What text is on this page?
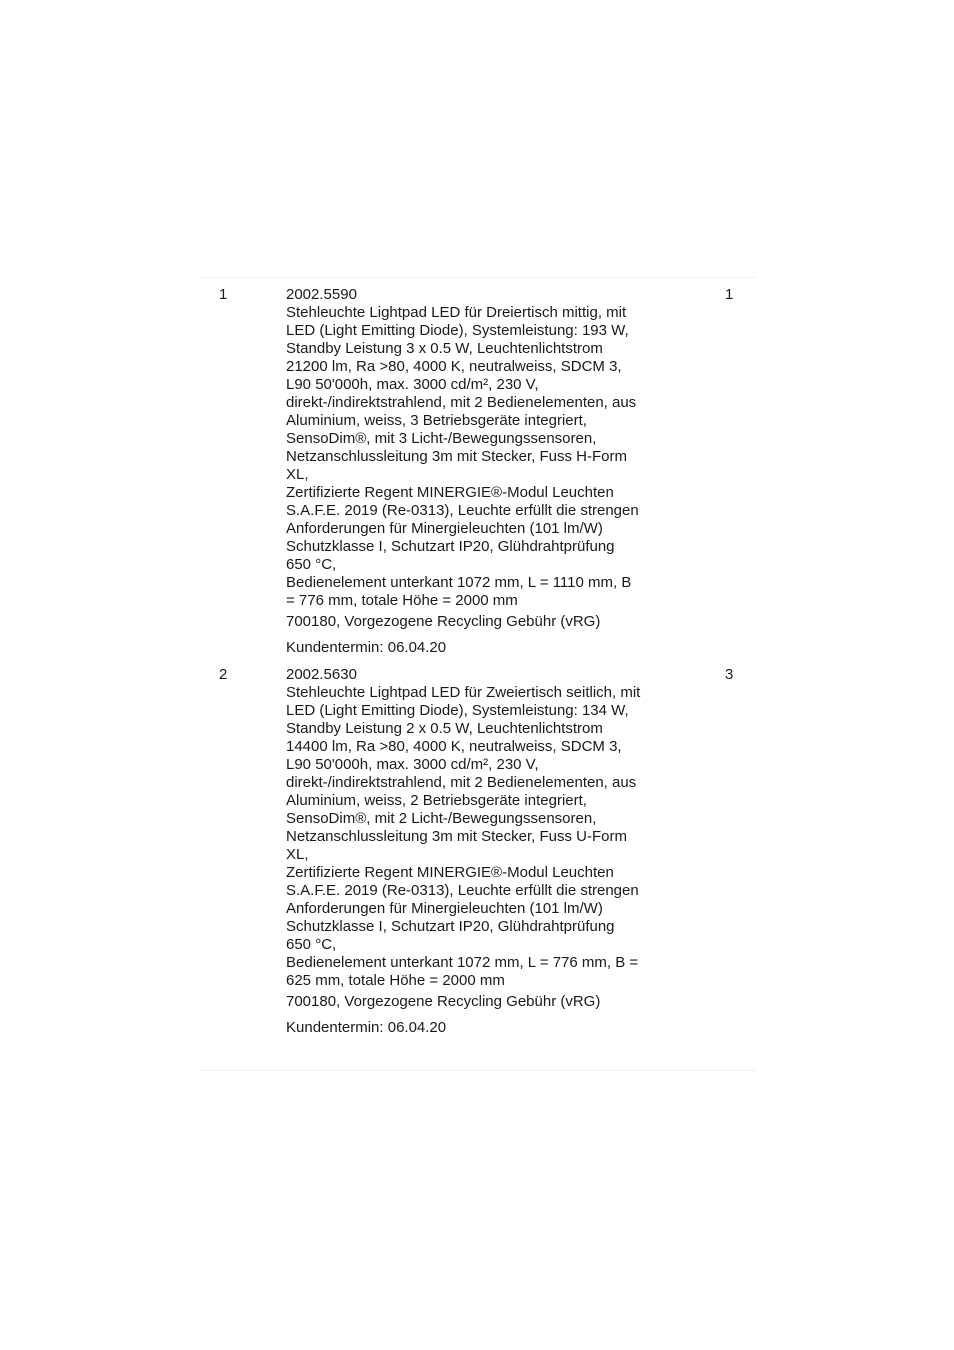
1	2002.5590
Stehleuchte Lightpad LED für Dreiertisch mittig, mit
LED (Light Emitting Diode), Systemleistung: 193 W,
Standby Leistung 3 x 0.5 W, Leuchtenlichtstrom
21200 lm, Ra >80, 4000 K, neutralweiss, SDCM 3,
L90 50'000h, max. 3000 cd/m², 230 V,
direkt-/indirektstrahlend, mit 2 Bedienelementen, aus
Aluminium, weiss, 3 Betriebsgeräte integriert,
SensoDim®, mit 3 Licht-/Bewegungssensoren,
Netzanschlussleitung 3m mit Stecker, Fuss H-Form
XL,
Zertifizierte Regent MINERGIE®-Modul Leuchten
S.A.F.E. 2019 (Re-0313), Leuchte erfüllt die strengen
Anforderungen für Minergieleuchten (101 lm/W)
Schutzklasse I, Schutzart IP20, Glühdrahtprüfung
650 °C,
Bedienelement unterkant 1072 mm, L = 1110 mm, B
= 776 mm, totale Höhe = 2000 mm
700180, Vorgezogene Recycling Gebühr (vRG)
Kundentermin: 06.04.20
1
2	2002.5630
Stehleuchte Lightpad LED für Zweiertisch seitlich, mit
LED (Light Emitting Diode), Systemleistung: 134 W,
Standby Leistung 2 x 0.5 W, Leuchtenlichtstrom
14400 lm, Ra >80, 4000 K, neutralweiss, SDCM 3,
L90 50'000h, max. 3000 cd/m², 230 V,
direkt-/indirektstrahlend, mit 2 Bedienelementen, aus
Aluminium, weiss, 2 Betriebsgeräte integriert,
SensoDim®, mit 2 Licht-/Bewegungssensoren,
Netzanschlussleitung 3m mit Stecker, Fuss U-Form
XL,
Zertifizierte Regent MINERGIE®-Modul Leuchten
S.A.F.E. 2019 (Re-0313), Leuchte erfüllt die strengen
Anforderungen für Minergieleuchten (101 lm/W)
Schutzklasse I, Schutzart IP20, Glühdrahtprüfung
650 °C,
Bedienelement unterkant 1072 mm, L = 776 mm, B =
625 mm, totale Höhe = 2000 mm
700180, Vorgezogene Recycling Gebühr (vRG)
Kundentermin: 06.04.20
3
